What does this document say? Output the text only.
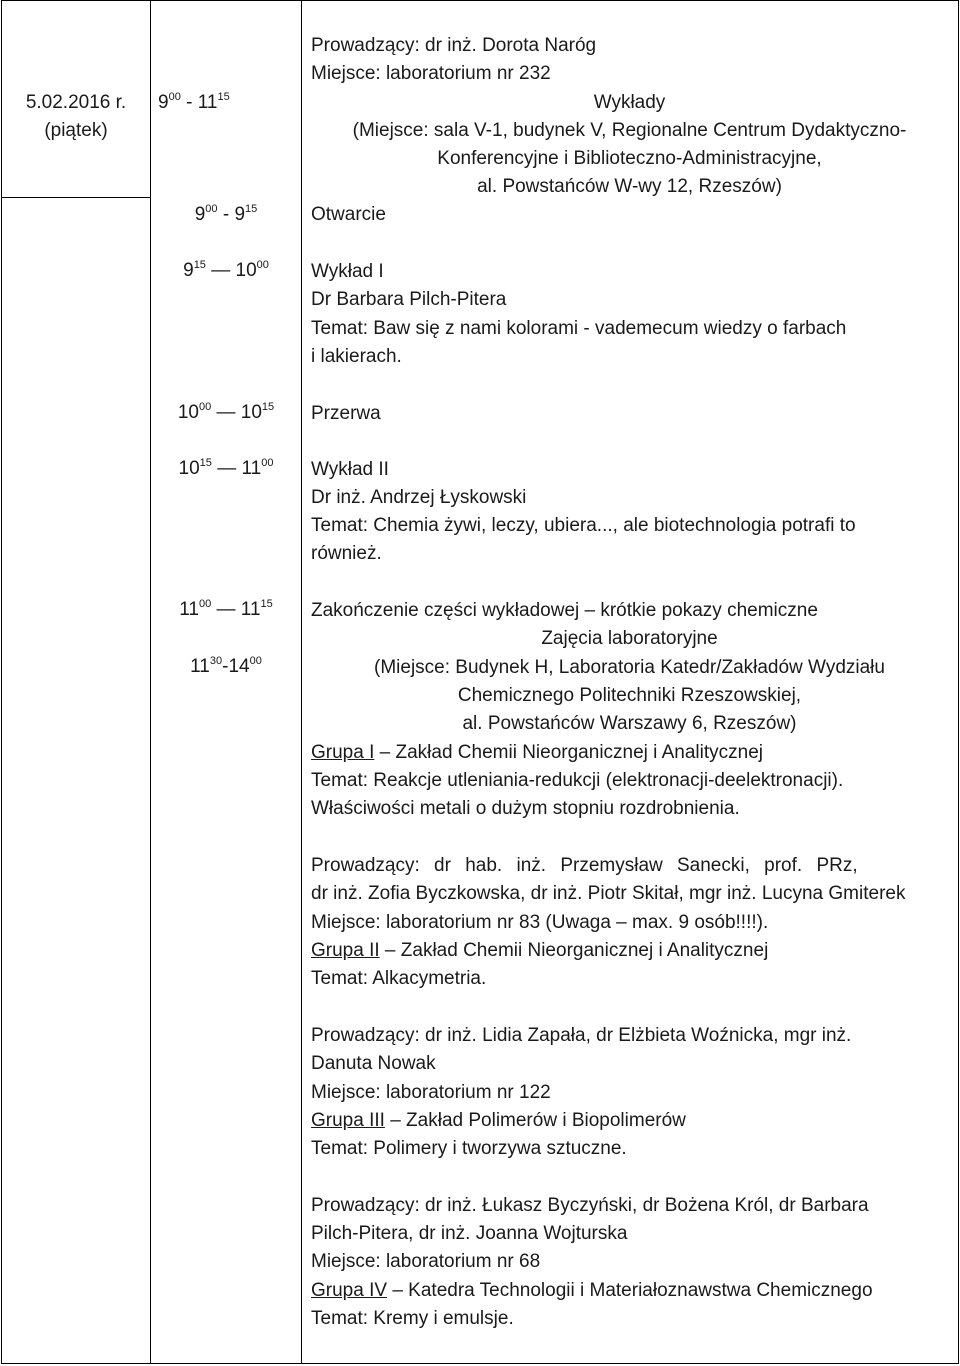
5.02.2016 r.
(piątek)
$9^{00} - 11^{15}$
$9^{00} - 9^{15}$
$9^{15}$ — $10^{00}$
$10^{00}$ — $10^{15}$
$10^{15}$ — $11^{00}$
$11^{00}$ — $11^{15}$
$11^{30}-14^{00}$
Prowadzący: dr inż. Dorota Naróg
Miejsce: laboratorium nr 232
Wykłady
(Miejsce: sala V-1, budynek V, Regionalne Centrum Dydaktyczno-
Konferencyjne i Biblioteczno-Administracyjne,
al. Powstańców W-wy 12, Rzeszów)
Otwarcie
Wykład I
Dr Barbara Pilch-Pitera
Temat: Baw się z nami kolorami - vademecum wiedzy o farbach
i lakierach.
Przerwa
Wykład II
Dr inż. Andrzej Łyskowski
Temat: Chemia żywi, leczy, ubiera..., ale biotechnologia potrafi to
również.
Zakończenie części wykładowej – krótkie pokazy chemiczne
Zajęcia laboratoryjne
(Miejsce: Budynek H, Laboratoria Katedr/Zakładów Wydziału
Chemicznego Politechniki Rzeszowskiej,
al. Powstańców Warszawy 6, Rzeszów)
Grupa I – Zakład Chemii Nieorganicznej i Analitycznej
Temat: Reakcje utleniania-redukcji (elektronacji-deelektronacji).
Właściwości metali o dużym stopniu rozdrobnienia.
Prowadzący: dr hab. inż. Przemysław Sanecki, prof. PRz,
dr inż. Zofia Byczkowska, dr inż. Piotr Skitał, mgr inż. Lucyna Gmiterek
Miejsce: laboratorium nr 83 (Uwaga – max. 9 osób!!!!).
Grupa II – Zakład Chemii Nieorganicznej i Analitycznej
Temat: Alkacymetria.
Prowadzący: dr inż. Lidia Zapała, dr Elżbieta Woźnicka, mgr inż.
Danuta Nowak
Miejsce: laboratorium nr 122
Grupa III – Zakład Polimerów i Biopolimerów
Temat: Polimery i tworzywa sztuczne.
Prowadzący: dr inż. Łukasz Byczyński, dr Bożena Król, dr Barbara
Pilch-Pitera, dr inż. Joanna Wojturska
Miejsce: laboratorium nr 68
Grupa IV – Katedra Technologii i Materiałoznawstwa Chemicznego
Temat: Kremy i emulsje.
